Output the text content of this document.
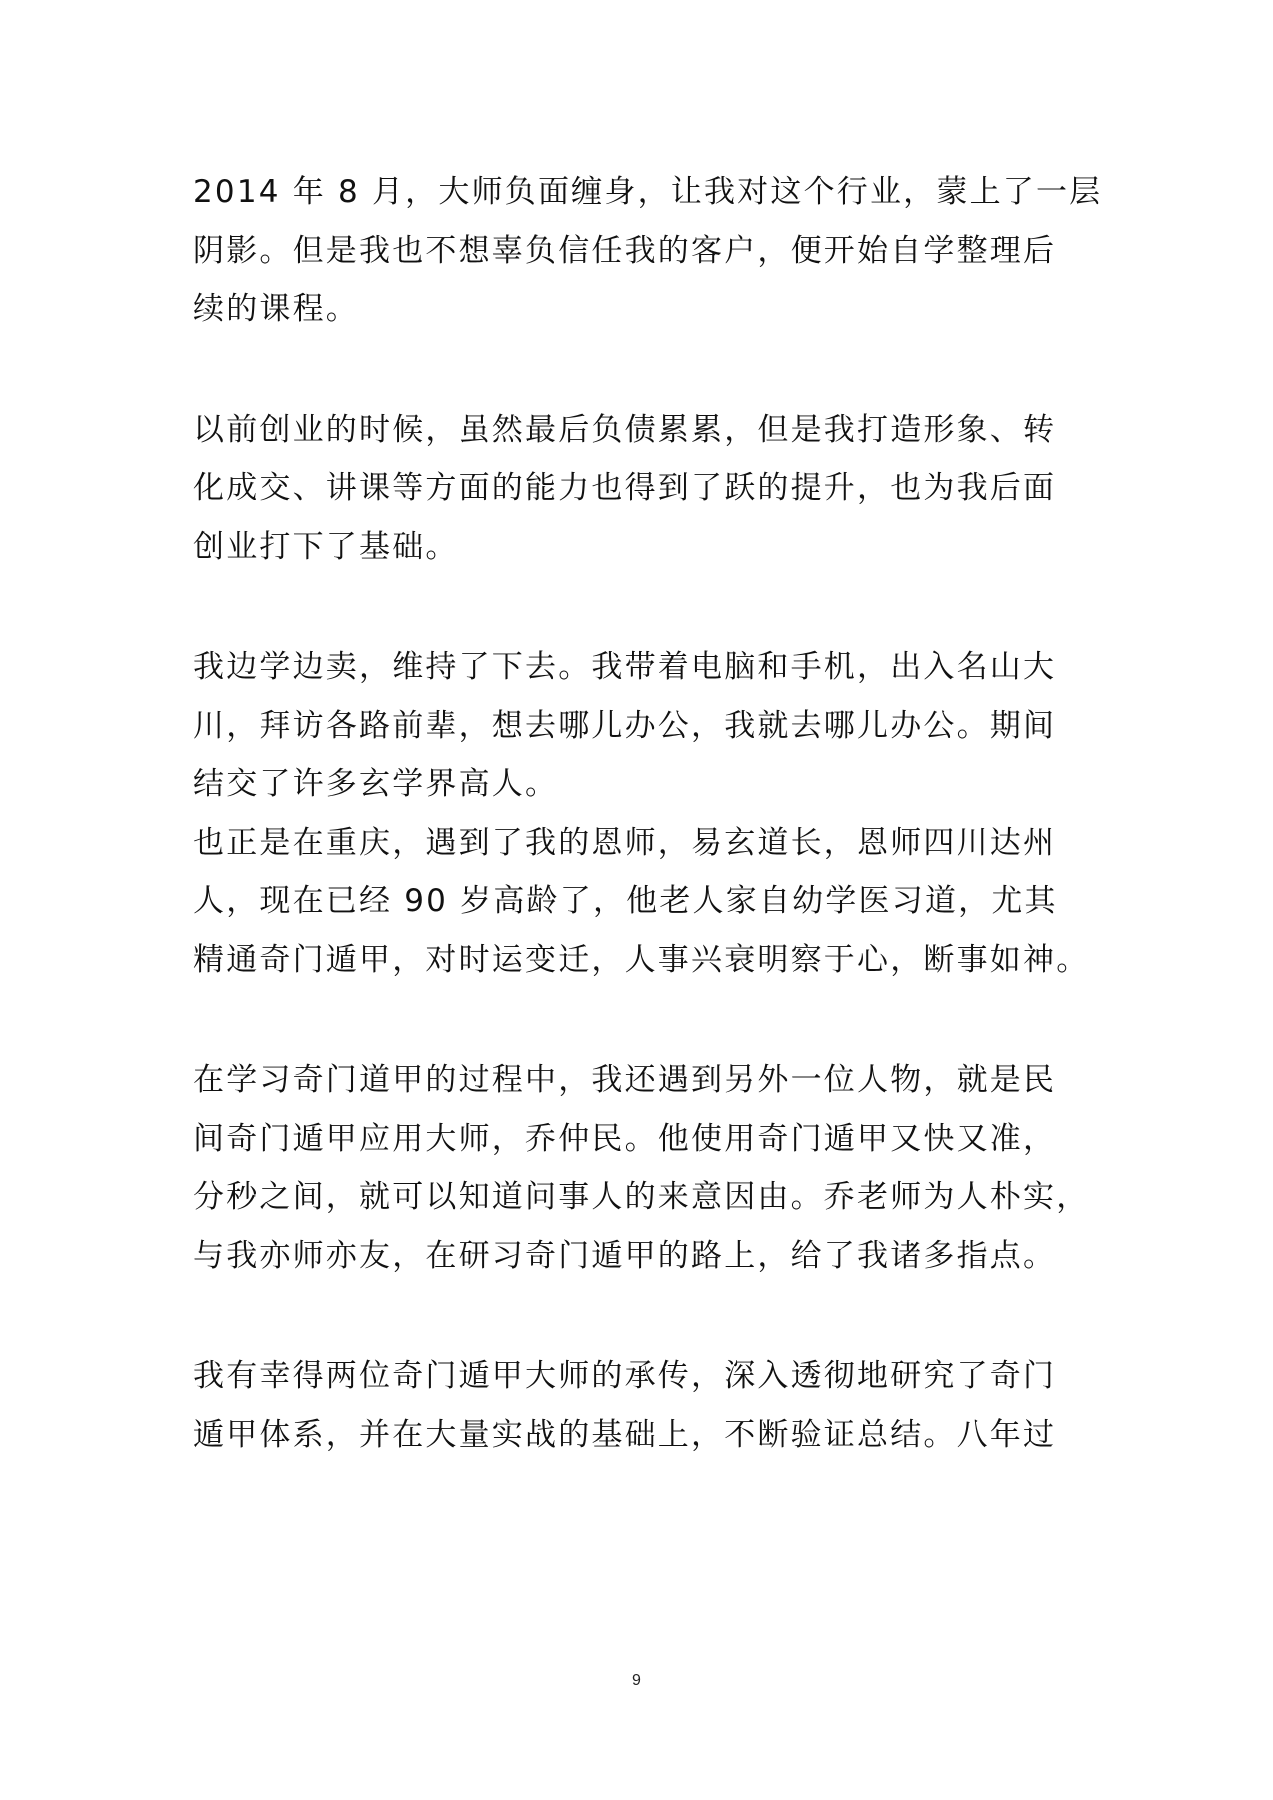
2014 年 8 月，大师负面缠身，让我对这个行业，蒙上了一层
阴影。但是我也不想辜负信任我的客户，便开始自学整理后
续的课程。
以前创业的时候，虽然最后负债累累，但是我打造形象、转
化成交、讲课等方面的能力也得到了跃的提升，也为我后面
创业打下了基础。
我边学边卖，维持了下去。我带着电脑和手机，出入名山大
川，拜访各路前辈，想去哪儿办公，我就去哪儿办公。期间
结交了许多玄学界高人。
也正是在重庆，遇到了我的恩师，易玄道长，恩师四川达州
人，现在已经 90 岁高龄了，他老人家自幼学医习道，尤其
精通奇门遁甲，对时运变迁，人事兴衰明察于心，断事如神。
在学习奇门道甲的过程中，我还遇到另外一位人物，就是民
间奇门遁甲应用大师，乔仲民。他使用奇门遁甲又快又准，
分秒之间，就可以知道问事人的来意因由。乔老师为人朴实，
与我亦师亦友，在研习奇门遁甲的路上，给了我诸多指点。
我有幸得两位奇门遁甲大师的承传，深入透彻地研究了奇门
遁甲体系，并在大量实战的基础上，不断验证总结。八年过
9
